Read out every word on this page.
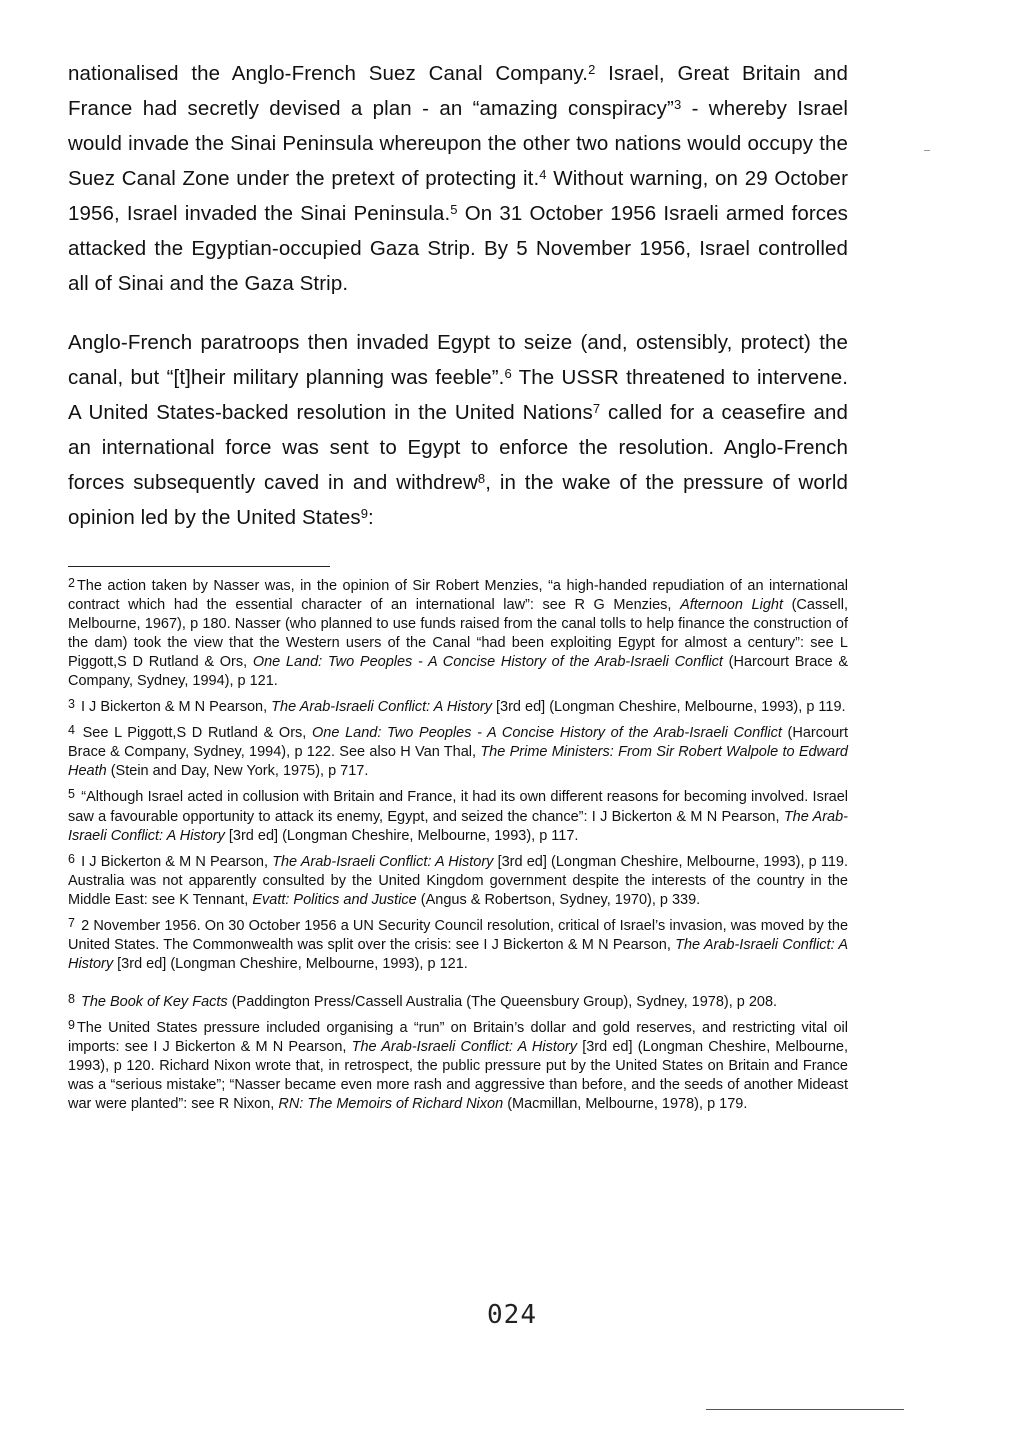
nationalised the Anglo-French Suez Canal Company.$^2$ Israel, Great Britain and France had secretly devised a plan - an “amazing conspiracy”$^3$ - whereby Israel would invade the Sinai Peninsula whereupon the other two nations would occupy the Suez Canal Zone under the pretext of protecting it.$^4$ Without warning, on 29 October 1956, Israel invaded the Sinai Peninsula.$^5$ On 31 October 1956 Israeli armed forces attacked the Egyptian-occupied Gaza Strip. By 5 November 1956, Israel controlled all of Sinai and the Gaza Strip.

Anglo-French paratroops then invaded Egypt to seize (and, ostensibly, protect) the canal, but “[t]heir military planning was feeble”.$^6$ The USSR threatened to intervene. A United States-backed resolution in the United Nations$^7$ called for a ceasefire and an international force was sent to Egypt to enforce the resolution. Anglo-French forces subsequently caved in and withdrew$^8$, in the wake of the pressure of world opinion led by the United States$^9$:

2 The action taken by Nasser was, in the opinion of Sir Robert Menzies, “a high-handed repudiation of an international contract which had the essential character of an international law”: see R G Menzies, Afternoon Light (Cassell, Melbourne, 1967), p 180. Nasser (who planned to use funds raised from the canal tolls to help finance the construction of the dam) took the view that the Western users of the Canal “had been exploiting Egypt for almost a century”: see L Piggott,S D Rutland & Ors, One Land: Two Peoples - A Concise History of the Arab-Israeli Conflict (Harcourt Brace & Company, Sydney, 1994), p 121.

3 I J Bickerton & M N Pearson, The Arab-Israeli Conflict: A History [3rd ed] (Longman Cheshire, Melbourne, 1993), p 119.

4 See L Piggott,S D Rutland & Ors, One Land: Two Peoples - A Concise History of the Arab-Israeli Conflict (Harcourt Brace & Company, Sydney, 1994), p 122. See also H Van Thal, The Prime Ministers: From Sir Robert Walpole to Edward Heath (Stein and Day, New York, 1975), p 717.

5 “Although Israel acted in collusion with Britain and France, it had its own different reasons for becoming involved. Israel saw a favourable opportunity to attack its enemy, Egypt, and seized the chance”: I J Bickerton & M N Pearson, The Arab-Israeli Conflict: A History [3rd ed] (Longman Cheshire, Melbourne, 1993), p 117.

6 I J Bickerton & M N Pearson, The Arab-Israeli Conflict: A History [3rd ed] (Longman Cheshire, Melbourne, 1993), p 119. Australia was not apparently consulted by the United Kingdom government despite the interests of the country in the Middle East: see K Tennant, Evatt: Politics and Justice (Angus & Robertson, Sydney, 1970), p 339.

7 2 November 1956. On 30 October 1956 a UN Security Council resolution, critical of Israel’s invasion, was moved by the United States. The Commonwealth was split over the crisis: see I J Bickerton & M N Pearson, The Arab-Israeli Conflict: A History [3rd ed] (Longman Cheshire, Melbourne, 1993), p 121.

8 The Book of Key Facts (Paddington Press/Cassell Australia (The Queensbury Group), Sydney, 1978), p 208.

9 The United States pressure included organising a “run” on Britain’s dollar and gold reserves, and restricting vital oil imports: see I J Bickerton & M N Pearson, The Arab-Israeli Conflict: A History [3rd ed] (Longman Cheshire, Melbourne, 1993), p 120. Richard Nixon wrote that, in retrospect, the public pressure put by the United States on Britain and France was a “serious mistake”; “Nasser became even more rash and aggressive than before, and the seeds of another Mideast war were planted”: see R Nixon, RN: The Memoirs of Richard Nixon (Macmillan, Melbourne, 1978), p 179.

024
